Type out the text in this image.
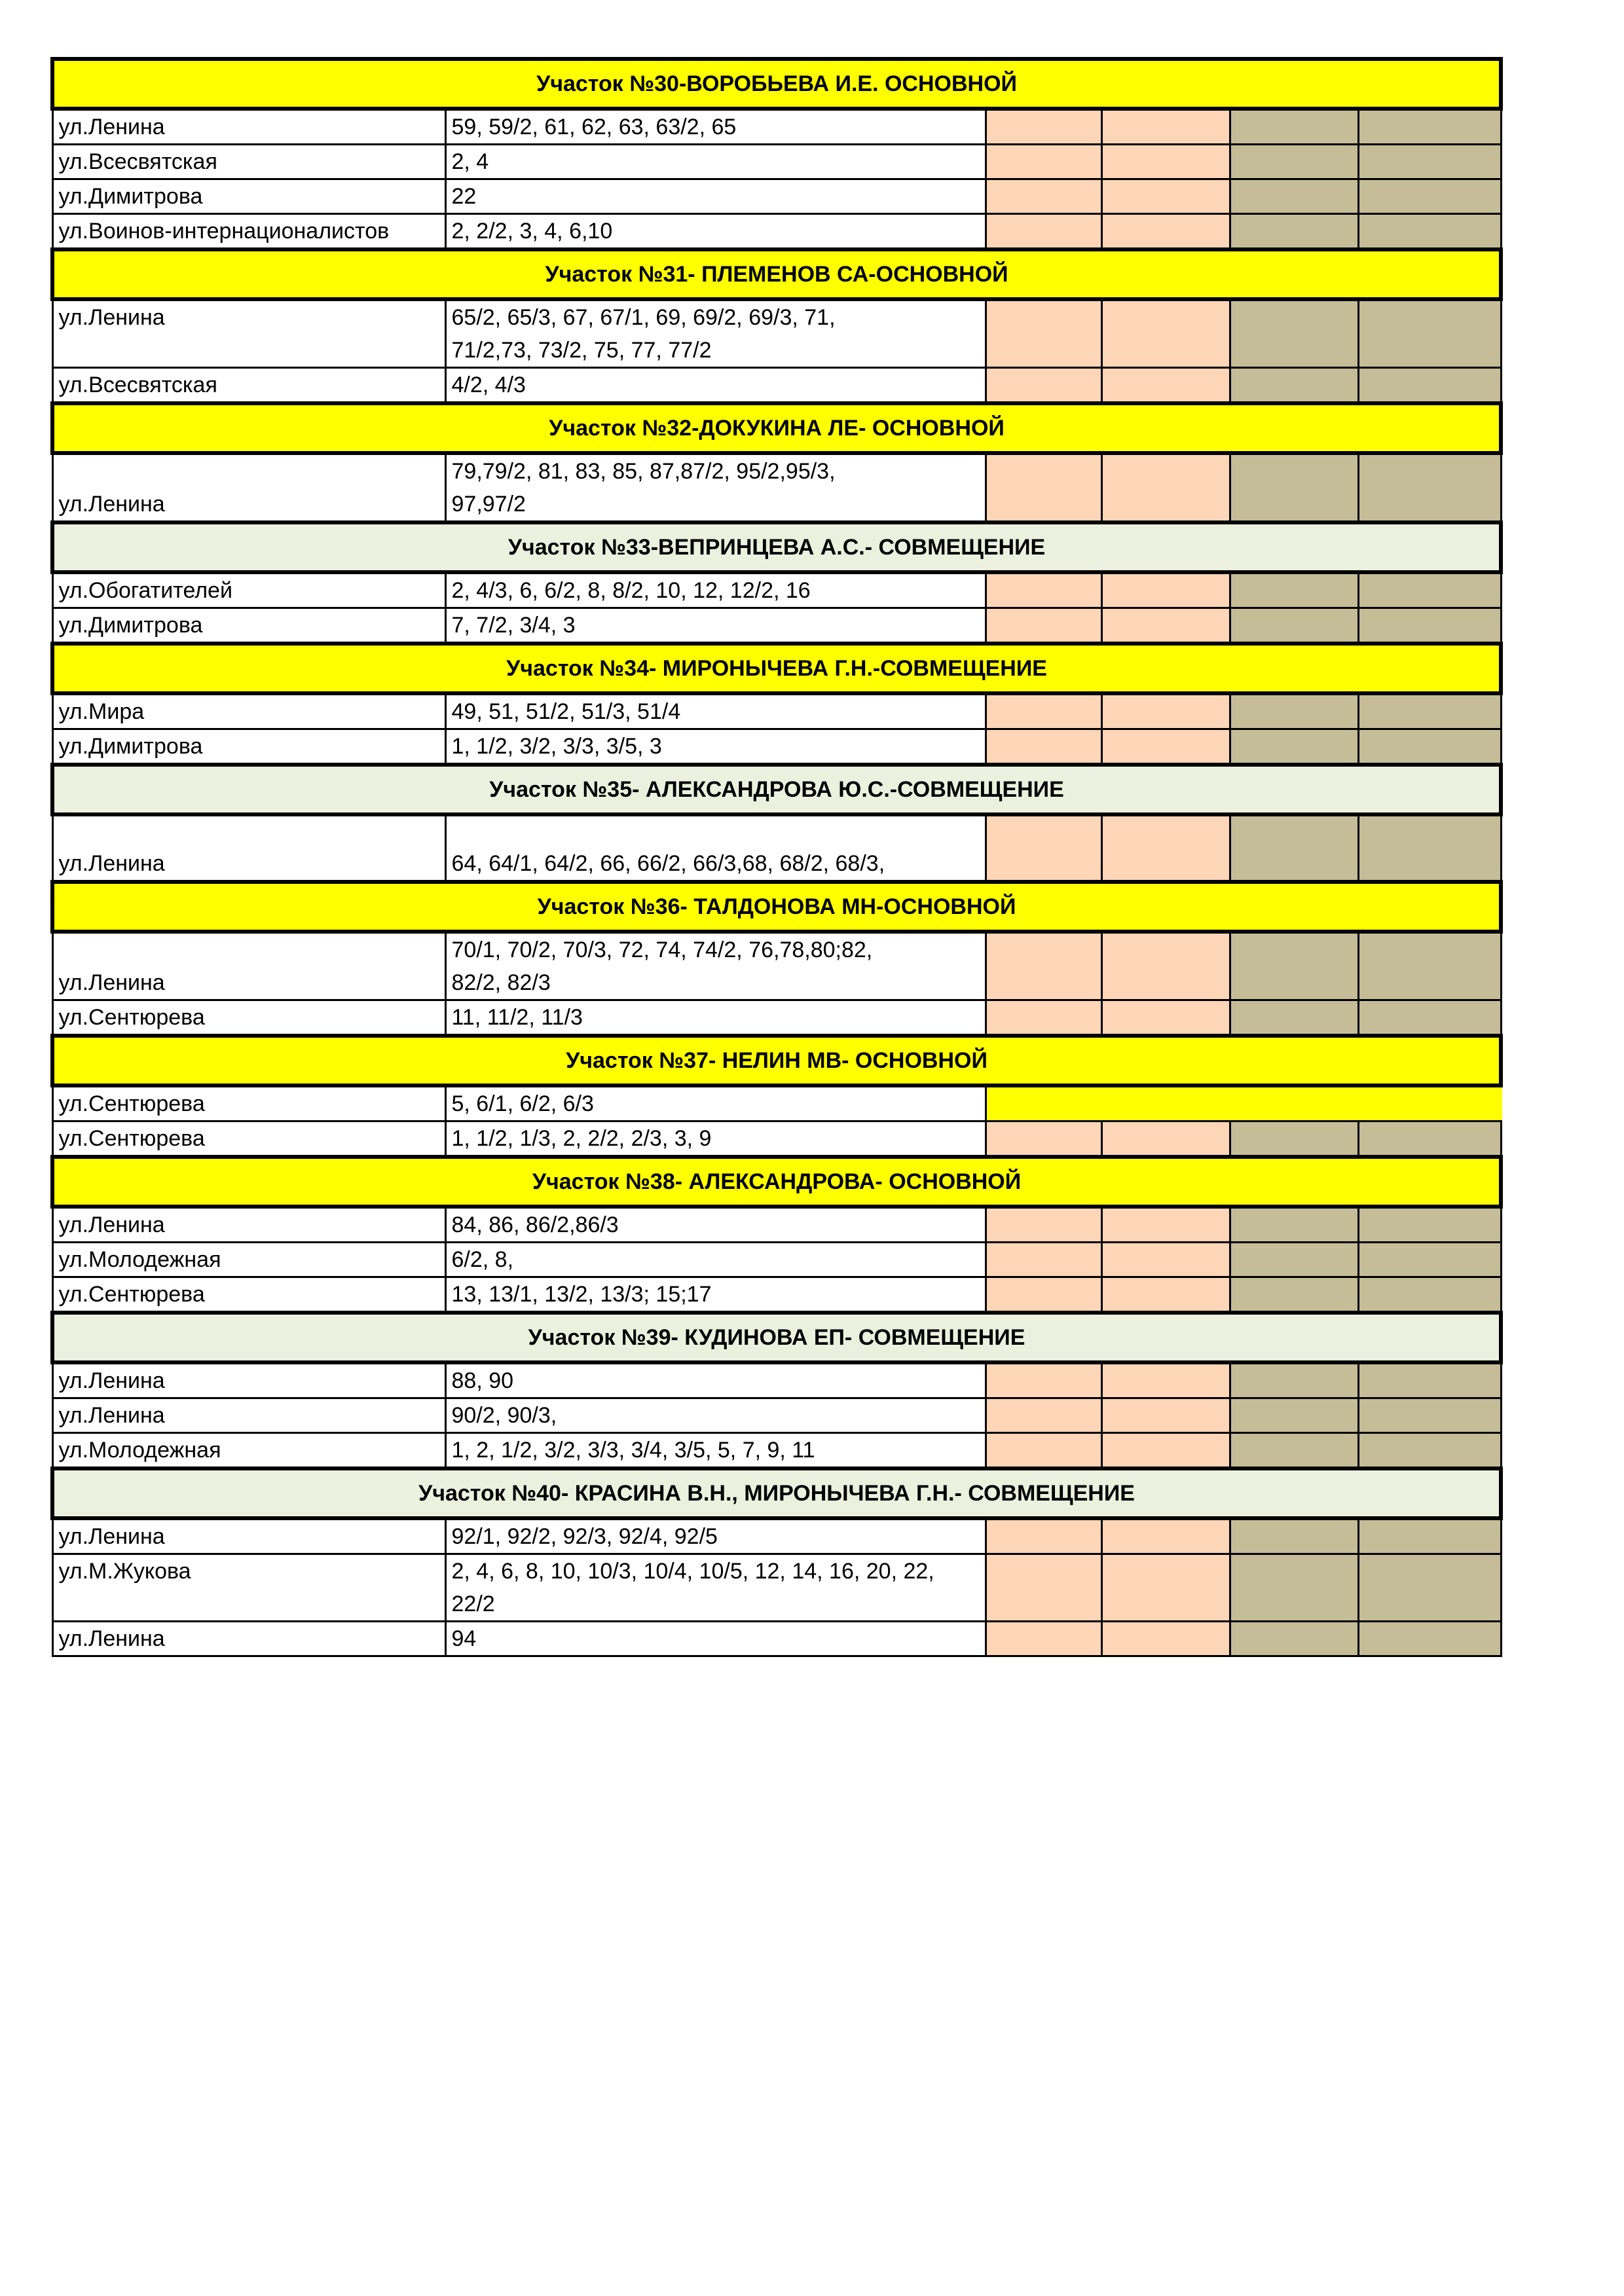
Участок №30-ВОРОБЬЕВА И.Е. ОСНОВНОЙ					
ул.Ленина	59, 59/2, 61, 62, 63, 63/2, 65				
ул.Всесвятская	2, 4				
ул.Димитрова	22				
ул.Воинов-интернационалистов	2, 2/2, 3, 4, 6,10				
Участок №31- ПЛЕМЕНОВ СА-ОСНОВНОЙ					
ул.Ленина	65/2, 65/3, 67, 67/1, 69, 69/2, 69/3, 71,
71/2,73, 73/2, 75, 77, 77/2				
ул.Всесвятская	4/2, 4/3				
Участок №32-ДОКУКИНА ЛЕ- ОСНОВНОЙ					
ул.Ленина	79,79/2, 81, 83, 85, 87,87/2, 95/2,95/3,
97,97/2				
Участок №33-ВЕПРИНЦЕВА А.С.- СОВМЕЩЕНИЕ					
ул.Обогатителей	2, 4/3, 6, 6/2, 8, 8/2, 10, 12, 12/2, 16				
ул.Димитрова	7, 7/2, 3/4, 3				
Участок №34- МИРОНЫЧЕВА Г.Н.-СОВМЕЩЕНИЕ					
ул.Мира	49, 51, 51/2, 51/3, 51/4				
ул.Димитрова	1, 1/2, 3/2, 3/3, 3/5, 3				
Участок №35- АЛЕКСАНДРОВА Ю.С.-СОВМЕЩЕНИЕ					
ул.Ленина	64, 64/1, 64/2, 66, 66/2, 66/3,68, 68/2, 68/3,				
Участок №36- ТАЛДОНОВА МН-ОСНОВНОЙ					
ул.Ленина	70/1, 70/2, 70/3, 72, 74, 74/2, 76,78,80;82,
82/2, 82/3				
ул.Сентюрева	11, 11/2, 11/3				
Участок №37- НЕЛИН МВ- ОСНОВНОЙ					
ул.Сентюрева	5, 6/1, 6/2, 6/3				
ул.Сентюрева	1, 1/2, 1/3, 2, 2/2, 2/3, 3, 9				
Участок №38- АЛЕКСАНДРОВА- ОСНОВНОЙ					
ул.Ленина	84, 86, 86/2,86/3				
ул.Молодежная	6/2, 8,				
ул.Сентюрева	13, 13/1, 13/2, 13/3; 15;17				
Участок №39- КУДИНОВА ЕП- СОВМЕЩЕНИЕ					
ул.Ленина	88, 90				
ул.Ленина	90/2, 90/3,				
ул.Молодежная	1, 2, 1/2, 3/2, 3/3, 3/4, 3/5, 5, 7, 9, 11				
Участок №40- КРАСИНА В.Н., МИРОНЫЧЕВА Г.Н.- СОВМЕЩЕНИЕ					
ул.Ленина	92/1, 92/2, 92/3, 92/4, 92/5				
ул.М.Жукова	2, 4, 6, 8, 10, 10/3, 10/4, 10/5, 12, 14, 16, 20, 22,
22/2				
ул.Ленина	94				
